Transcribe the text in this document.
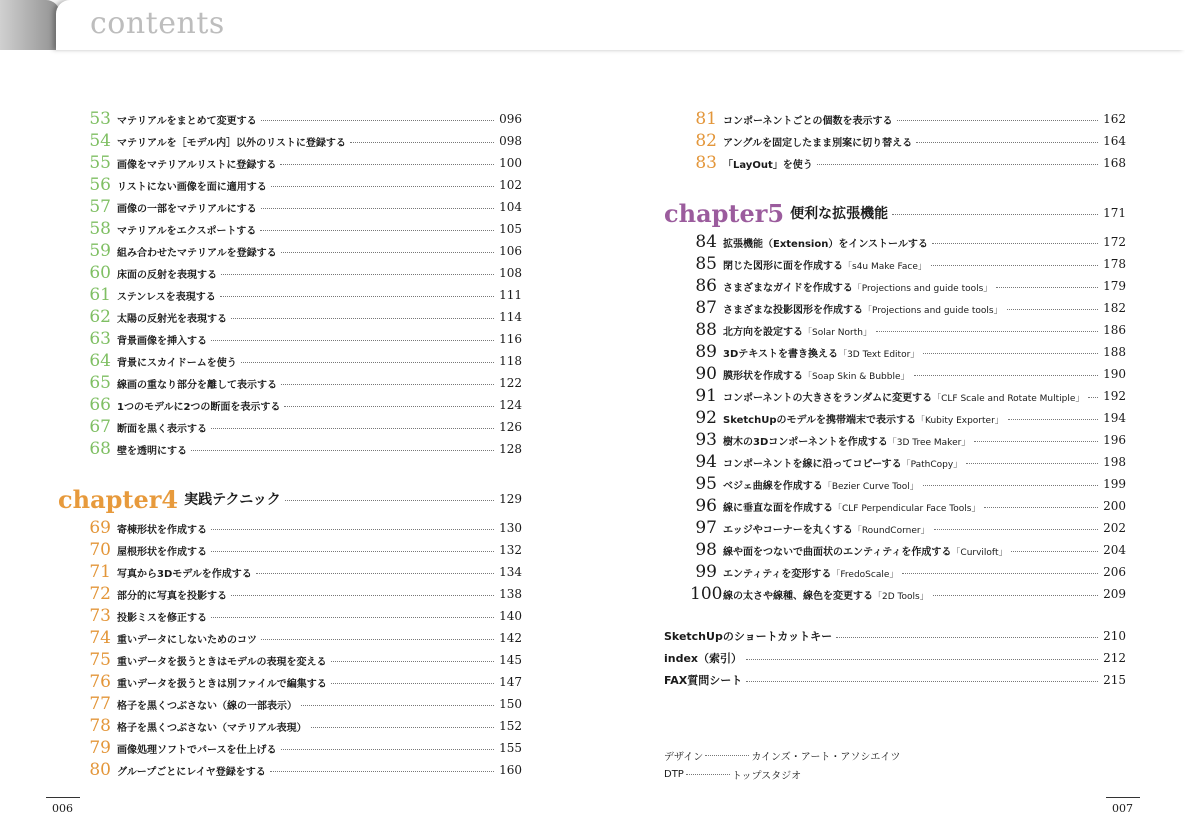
contents
53 マテリアルをまとめて変更する	096
54 マテリアルを［モデル内］以外のリストに登録する	098
55 画像をマテリアルリストに登録する	100
56 リストにない画像を面に適用する	102
57 画像の一部をマテリアルにする	104
58 マテリアルをエクスポートする	105
59 組み合わせたマテリアルを登録する	106
60 床面の反射を表現する	108
61 ステンレスを表現する	111
62 太陽の反射光を表現する	114
63 背景画像を挿入する	116
64 背景にスカイドームを使う	118
65 線画の重なり部分を離して表示する	122
66 1つのモデルに2つの断面を表示する	124
67 断面を黒く表示する	126
68 壁を透明にする	128
69 寄棟形状を作成する	130
70 屋根形状を作成する	132
71 写真から3Dモデルを作成する	134
72 部分的に写真を投影する	138
73 投影ミスを修正する	140
74 重いデータにしないためのコツ	142
75 重いデータを扱うときはモデルの表現を変える	145
76 重いデータを扱うときは別ファイルで編集する	147
77 格子を黒くつぶさない（線の一部表示）	150
78 格子を黒くつぶさない（マテリアル表現）	152
79 画像処理ソフトでパースを仕上げる	155
80 グループごとにレイヤ登録をする	160
81 コンポーネントごとの個数を表示する	162
82 アングルを固定したまま別案に切り替える	164
83 「LayOut」を使う	168
84 拡張機能（Extension）をインストールする	172
85 閉じた図形に面を作成する「s4u Make Face」	178
86 さまざまなガイドを作成する「Projections and guide tools」	179
87 さまざまな投影図形を作成する「Projections and guide tools」	182
88 北方向を設定する「Solar North」	186
89 3Dテキストを書き換える「3D Text Editor」	188
90 膜形状を作成する「Soap Skin & Bubble」	190
91 コンポーネントの大きさをランダムに変更する「CLF Scale and Rotate Multiple」 192
92 SketchUpのモデルを携帯端末で表示する「Kubity Exporter」	194
93 樹木の3Dコンポーネントを作成する「3D Tree Maker」	196
94 コンポーネントを線に沿ってコピーする「PathCopy」	198
95 ベジェ曲線を作成する「Bezier Curve Tool」	199
96 線に垂直な面を作成する「CLF Perpendicular Face Tools」	200
97 エッジやコーナーを丸くする「RoundCorner」	202
98 線や面をつないで曲面状のエンティティを作成する「Curviloft」	204
99 エンティティを変形する「FredoScale」	206
100 線の太さや線種、線色を変更する「2D Tools」	209
chapter4 実践テクニック	129
chapter5 便利な拡張機能	171
SketchUpのショートカットキー	210
index（索引）	212
FAX質問シート	215
デザイン	カインズ・アート・アソシエイツ
DTP	トップスタジオ
006	007
